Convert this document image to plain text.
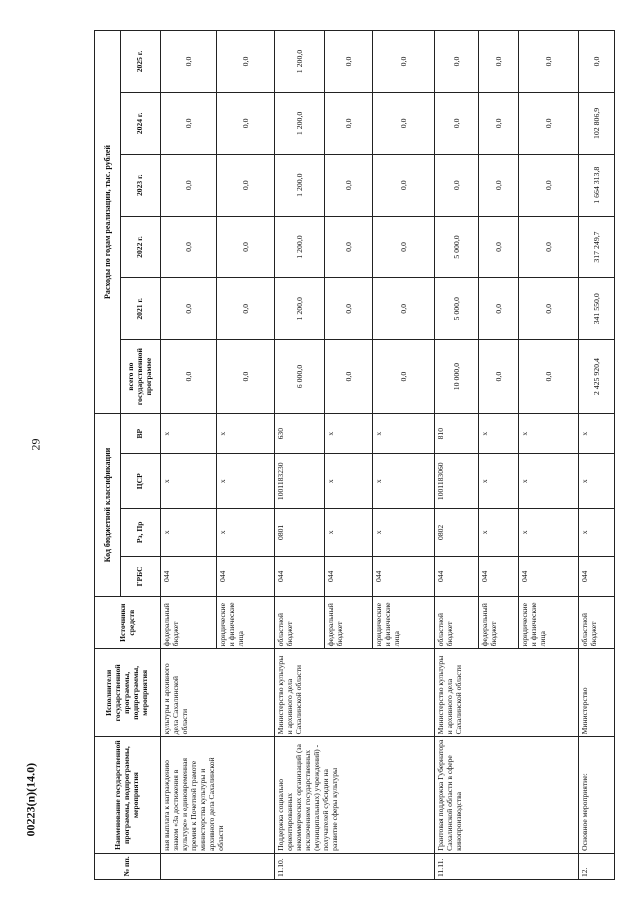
29
00223(n)(14.0)
№ пп.	Наименование государственной программы, подпрограммы, мероприятия	Исполнители государственной программы, подпрограммы, мероприятия	Источники средств	Код бюджетной классификации				Расходы по годам реализации, тыс. рублей					
				ГРБС	Рз, Пр	ЦСР	ВР	всего по государственной программе	2021 г.	2022 г.	2023 г.	2024 г.	2025 г.
	ная выплата к награждению знаком «За достижения в культуре» и единовременная премия к Почетной грамоте министерства культуры и архивного дела Сахалинской области	культуры и архивного дела Сахалинской области	федеральный бюджет	044	х	х	х	0,0	0,0	0,0	0,0	0,0	0,0
			юридические и физические лица	044	х	х	х	0,0	0,0	0,0	0,0	0,0	0,0
11.10.	Поддержка социально ориентированных некоммерческих организаций (за исключением государственных (муниципальных) учреждений) - получателей субсидии на развитие сферы культуры	Министерство культуры и архивного дела Сахалинской области	областной бюджет	044	0801	1001183230	630	6 000,0	1 200,0	1 200,0	1 200,0	1 200,0	1 200,0
			федеральный бюджет	044	х	х	х	0,0	0,0	0,0	0,0	0,0	0,0
			юридические и физические лица	044	х	х	х	0,0	0,0	0,0	0,0	0,0	0,0
11.11.	Грантовая поддержка Губернатора Сахалинской области в сфере кинопроизводства	Министерство культуры и архивного дела Сахалинской области	областной бюджет	044	0802	1001183060	810	10 000,0	5 000,0	5 000,0	0,0	0,0	0,0
			федеральный бюджет	044	х	х	х	0,0	0,0	0,0	0,0	0,0	0,0
			юридические и физические лица	044	х	х	х	0,0	0,0	0,0	0,0	0,0	0,0
12.	Основное мероприятие:	Министерство	областной бюджет	044	х	х	х	2 425 920,4	341 550,0	317 249,7	1 664 313,8	102 806,9	0,0
